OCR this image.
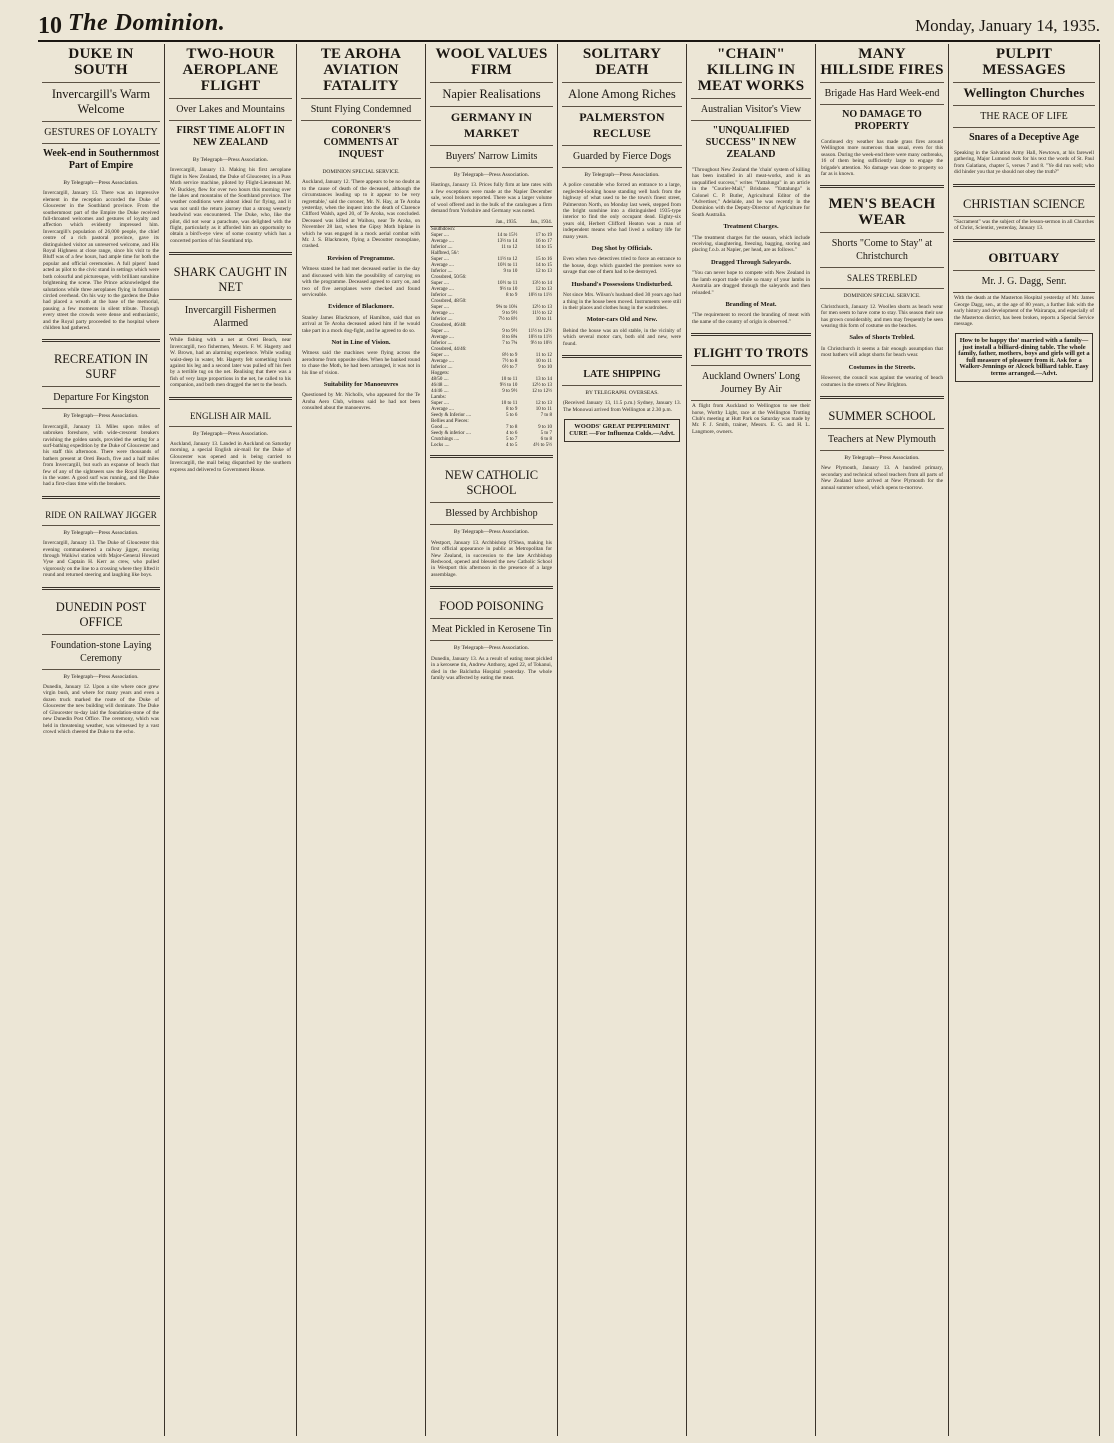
10 The Dominion.	Monday, January 14, 1935.
DUKE IN SOUTH
Invercargill's Warm Welcome
GESTURES OF LOYALTY
Week-end in Southernmost Part of Empire
By Telegraph—Press Association.
Invercargill, January 13. There was an impressive element in the reception accorded the Duke of Gloucester in the Southland province. From the southernmost part of the Empire the Duke received full-throated welcomes and gestures of loyalty and affection which evidently impressed him. Invercargill's population of 26,000 people, the chief centre of a rich pastoral province, gave its distinguished visitor an unreserved welcome, and His Royal Highness at close range, since his visit to the Bluff was of a few hours, had ample time for both the popular and official ceremonies. A full pipers' band acted as pilot to the civic stand in settings which were both colourful and picturesque, with brilliant sunshine brightening the scene. The Prince acknowledged the salutations while three aeroplanes flying in formation circled overhead. On his way to the gardens the Duke had placed a wreath at the base of the memorial, pausing a few moments in silent tribute. Through every street the crowds were dense and enthusiastic, and the Royal party proceeded to the hospital where children had gathered.
RECREATION IN SURF
Departure For Kingston
By Telegraph—Press Association.
Invercargill, January 13. Miles upon miles of unbroken foreshore, with wide-crescent breakers ravishing the golden sands, provided the setting for a surf-bathing expedition by the Duke of Gloucester and his staff this afternoon. There were thousands of bathers present at Oreti Beach, five and a half miles from Invercargill, but such an expanse of beach that few of any of the sightseers saw the Royal Highness in the water. A good surf was running, and the Duke had a first-class time with the breakers.
RIDE ON RAILWAY JIGGER
By Telegraph—Press Association.
Invercargill, January 13. The Duke of Gloucester this evening commandeered a railway jigger, moving through Waikiwi station with Major-General Howard Vyse and Captain H. Kerr as crew, who pulled vigorously on the line to a crossing where they lifted it round and returned steering and laughing like boys.
DUNEDIN POST OFFICE
Foundation-stone Laying Ceremony
By Telegraph—Press Association.
Dunedin, January 12. Upon a site where once grew virgin bush, and where for many years and even a dozen truck marked the route of the Duke of Gloucester the new building will dominate. The Duke of Gloucester to-day laid the foundation-stone of the new Dunedin Post Office. The ceremony, which was held in threatening weather, was witnessed by a vast crowd which cheered the Duke to the echo.
TWO-HOUR AEROPLANE FLIGHT
Over Lakes and Mountains
FIRST TIME ALOFT IN NEW ZEALAND
By Telegraph—Press Association.
Invercargill, January 13. Making his first aeroplane flight in New Zealand, the Duke of Gloucester, in a Puss Moth service machine, piloted by Flight-Lieutenant M. W. Buckley, flew for over two hours this morning over the lakes and mountains of the Southland province. The weather conditions were almost ideal for flying, and it was not until the return journey that a strong westerly headwind was encountered. The Duke, who, like the pilot, did not wear a parachute, was delighted with the flight, particularly as it afforded him an opportunity to obtain a bird's-eye view of some country which has a concerted portion of his Southland trip.
SHARK CAUGHT IN NET
Invercargill Fishermen Alarmed
While fishing with a net at Oreti Beach, near Invercargill, two fishermen, Messrs. F. W. Hagerty and W. Brown, had an alarming experience. While wading waist-deep in water, Mr. Hagerty felt something brush against his leg and a second later was pulled off his feet by a terrible tug on the net. Realising that there was a fish of very large proportions in the net, he called to his companion, and both men dragged the net to the beach.
ENGLISH AIR MAIL
By Telegraph—Press Association.
Auckland, January 13. Landed in Auckland on Saturday morning, a special English air-mail for the Duke of Gloucester was opened and is being carried to Invercargill, the mail being dispatched by the southern express and delivered to Government House.
TE AROHA AVIATION FATALITY
Stunt Flying Condemned
CORONER'S COMMENTS AT INQUEST
DOMINION SPECIAL SERVICE.
Auckland, January 12. 'There appears to be no doubt as to the cause of death of the deceased, although the circumstances leading up to it appear to be very regrettable,' said the coroner, Mr. N. Hay, at Te Aroha yesterday, when the inquest into the death of Clarence Clifford Walsh, aged 20, of Te Aroha, was concluded. Deceased was killed at Waihou, near Te Aroha, on November 28 last, when the Gipsy Moth biplane in which he was engaged in a mock aerial combat with Mr. J. S. Blackmore, flying a Desoutter monoplane, crashed.
Revision of Programme.
Witness stated he had met deceased earlier in the day and discussed with him the possibility of carrying on with the programme. Deceased agreed to carry on, and two of five aeroplanes were checked and found serviceable.
Evidence of Blackmore.
Stanley James Blackmore, of Hamilton, said that on arrival at Te Aroha deceased asked him if he would take part in a mock dog-fight, and he agreed to do so.
Not in Line of Vision.
Witness said the machines were flying across the aerodrome from opposite sides. When he banked round to chase the Moth, he had been arranged, it was not in his line of vision.
Suitability for Manoeuvres
Questioned by Mr. Nicholls, who appeared for the Te Aroha Aero Club, witness said he had not been consulted about the manoeuvres.
WOOL VALUES FIRM
Napier Realisations
GERMANY IN MARKET
Buyers' Narrow Limits
By Telegraph—Press Association.
Hastings, January 13. Prices fully firm at late rates with a few exceptions were made at the Napier December sale, wool brokers reported. There was a larger volume of wool offered and in the bulk of the catalogues a firm demand from Yorkshire and Germany was noted.
	Jan., 1935.	Jan., 1934.
Southdown:		
Super ....	14 to 15½	17 to 19
Average ....	13½ to 14	16 to 17
Inferior ....	11 to 12	14 to 15
Halfbred, 56/:		
Super ....	11½ to 12	15 to 16
Average ....	10½ to 11	14 to 15
Inferior ....	9 to 10	12 to 13
Crossbred, 50/56:		
Super ....	10½ to 11	13½ to 14
Average ....	9½ to 10	12 to 13
Inferior ....	8 to 9	10½ to 11½
Crossbred, 48/50:		
Super ....	9¾ to 10¼	12½ to 13
Average ....	9 to 9½	11½ to 12
Inferior ....	7½ to 8½	10 to 11
Crossbred, 46/48:		
Super ....	9 to 9½	11½ to 12½
Average ....	8 to 8¾	10½ to 11½
Inferior ....	7 to 7¾	9½ to 10½
Crossbred, 44/46:		
Super ....	8½ to 9	11 to 12
Average ....	7½ to 8	10 to 11
Inferior ....	6½ to 7	9 to 10
Hoggets:		
48/50 ....	10 to 11	13 to 14
46/48 ....	9½ to 10	12½ to 13
44/46 ....	9 to 9½	12 to 12½
Lambs:		
Super ....	10 to 11	12 to 13
Average ....	8 to 9	10 to 11
Seedy & Inferior ....	5 to 6	7 to 8
Bellies and Pieces:		
Good ....	7 to 8	9 to 10
Seedy & inferior ....	4 to 6	5 to 7
Crutchings ....	5 to 7	6 to 8
Locks ....	4 to 5	4½ to 5½
NEW CATHOLIC SCHOOL
Blessed by Archbishop
By Telegraph—Press Association.
Westport, January 13. Archbishop O'Shea, making his first official appearance in public as Metropolitan for New Zealand, in succession to the late Archbishop Redwood, opened and blessed the new Catholic School in Westport this afternoon in the presence of a large assemblage.
FOOD POISONING
Meat Pickled in Kerosene Tin
By Telegraph—Press Association.
Dunedin, January 13. As a result of eating meat pickled in a kerosene tin, Andrew Anthony, aged 22, of Tokanui, died in the Balclutha Hospital yesterday. The whole family was affected by eating the meat.
SOLITARY DEATH
Alone Among Riches
PALMERSTON RECLUSE
Guarded by Fierce Dogs
By Telegraph—Press Association.
A police constable who forced an entrance to a large, neglected-looking house standing well back from the highway of what used to be the town's finest street, Palmerston North, on Monday last week, stepped from the bright sunshine into a distinguished 1935-type interior to find the only occupant dead. Eighty-six years old, Herbert Clifford Heaton was a man of independent means who had lived a solitary life for many years.
Dog Shot by Officials.
Even when two detectives tried to force an entrance to the house, dogs which guarded the premises were so savage that one of them had to be destroyed.
Husband's Possessions Undisturbed.
Not since Mrs. Wilson's husband died 30 years ago had a thing in the house been moved. Instruments were still in their places and clothes hung in the wardrobes.
Motor-cars Old and New.
Behind the house was an old stable, in the vicinity of which several motor cars, both old and new, were found.
LATE SHIPPING
BY TELEGRAPH. OVERSEAS.
(Received January 13, 11.5 p.m.) Sydney, January 13. The Monowai arrived from Wellington at 2.30 p.m.
WOODS' GREAT PEPPERMINT CURE —For Influenza Colds.—Advt.
"CHAIN" KILLING IN MEAT WORKS
Australian Visitor's View
"UNQUALIFIED SUCCESS" IN NEW ZEALAND
"Throughout New Zealand the 'chain' system of killing has been installed in all meat-works, and is an unqualified success," writes "Yattalunga" in an article in the "Courier-Mail," Brisbane. "Yattalunga" is Colonel C. P. Butler, Agricultural Editor of the "Advertiser," Adelaide, and he was recently in the Dominion with the Deputy-Director of Agriculture for South Australia.
Treatment Charges.
"The treatment charges for the season, which include receiving, slaughtering, freezing, bagging, storing and placing f.o.b. at Napier, per head, are as follows."
Dragged Through Saleyards.
"You can never hope to compete with New Zealand in the lamb export trade while so many of your lambs in Australia are dragged through the saleyards and then reloaded."
Branding of Meat.
"The requirement to record the branding of meat with the name of the country of origin is observed."
FLIGHT TO TROTS
Auckland Owners' Long Journey By Air
A flight from Auckland to Wellington to see their horse, Worthy Light, race at the Wellington Trotting Club's meeting at Hutt Park on Saturday was made by Mr. F. J. Smith, trainer, Messrs. E. G. and H. L. Langmore, owners.
MANY HILLSIDE FIRES
Brigade Has Hard Week-end
NO DAMAGE TO PROPERTY
Continued dry weather has made grass fires around Wellington more numerous than usual, even for this season. During the week-end there were many outbreaks, 16 of them being sufficiently large to engage the brigade's attention. No damage was done to property so far as is known.
MEN'S BEACH WEAR
Shorts "Come to Stay" at Christchurch
SALES TREBLED
DOMINION SPECIAL SERVICE.
Christchurch, January 12. Woollen shorts as beach wear for men seem to have come to stay. This season their use has grown considerably, and men may frequently be seen wearing this form of costume on the beaches.
Sales of Shorts Trebled.
In Christchurch it seems a fair enough assumption that most bathers will adopt shorts for beach wear.
Costumes in the Streets.
However, the council was against the wearing of beach costumes in the streets of New Brighton.
SUMMER SCHOOL
Teachers at New Plymouth
By Telegraph—Press Association.
New Plymouth, January 13. A hundred primary, secondary and technical school teachers from all parts of New Zealand have arrived at New Plymouth for the annual summer school, which opens to-morrow.
PULPIT MESSAGES
Wellington Churches
THE RACE OF LIFE
Snares of a Deceptive Age
Speaking in the Salvation Army Hall, Newtown, at his farewell gathering, Major Lumond took for his text the words of St. Paul from Galatians, chapter 5, verses 7 and 8. "Ye did run well; who did hinder you that ye should not obey the truth?"
CHRISTIAN SCIENCE
"Sacrament" was the subject of the lesson-sermon in all Churches of Christ, Scientist, yesterday, January 13.
OBITUARY
Mr. J. G. Dagg, Senr.
With the death at the Masterton Hospital yesterday of Mr. James George Dagg, sen., at the age of 80 years, a further link with the early history and development of the Wairarapa, and especially of the Masterton district, has been broken, reports a Special Service message.
How to be happy tho' married with a family—just install a billiard-dining table. The whole family, father, mothers, boys and girls will get a full measure of pleasure from it. Ask for a Walker-Jennings or Alcock billiard table. Easy terms arranged.—Advt.
